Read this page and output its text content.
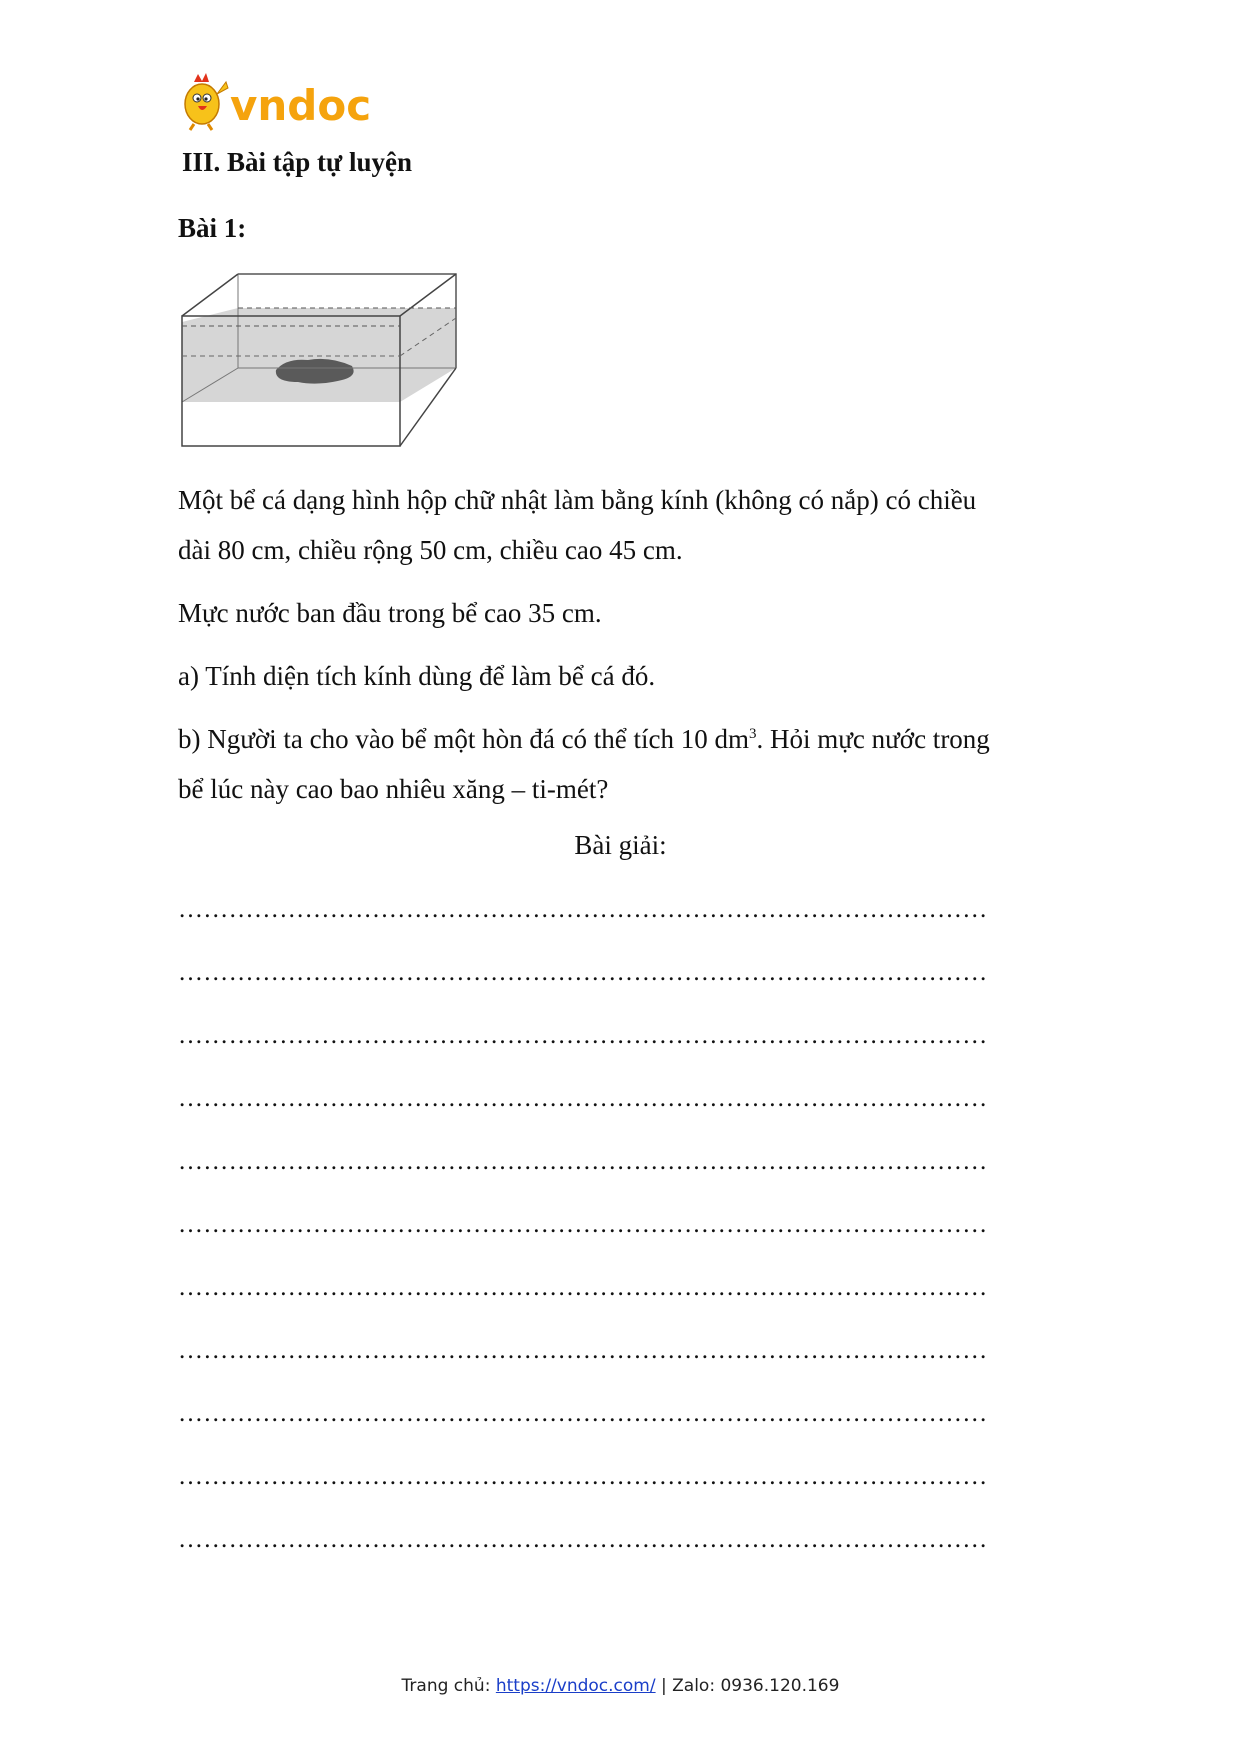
vndoc
III. Bài tập tự luyện
Bài 1:
Một bể cá dạng hình hộp chữ nhật làm bằng kính (không có nắp) có chiều
dài 80 cm, chiều rộng 50 cm, chiều cao 45 cm.
Mực nước ban đầu trong bể cao 35 cm.
a) Tính diện tích kính dùng để làm bể cá đó.
b) Người ta cho vào bể một hòn đá có thể tích 10 $dm^3$. Hỏi mực nước trong
bể lúc này cao bao nhiêu xăng – ti-mét?
Bài giải:
……………………………………………………………………………………
……………………………………………………………………………………
……………………………………………………………………………………
……………………………………………………………………………………
……………………………………………………………………………………
……………………………………………………………………………………
……………………………………………………………………………………
……………………………………………………………………………………
……………………………………………………………………………………
……………………………………………………………………………………
……………………………………………………………………………………
Trang chủ: https://vndoc.com/ | Zalo: 0936.120.169
